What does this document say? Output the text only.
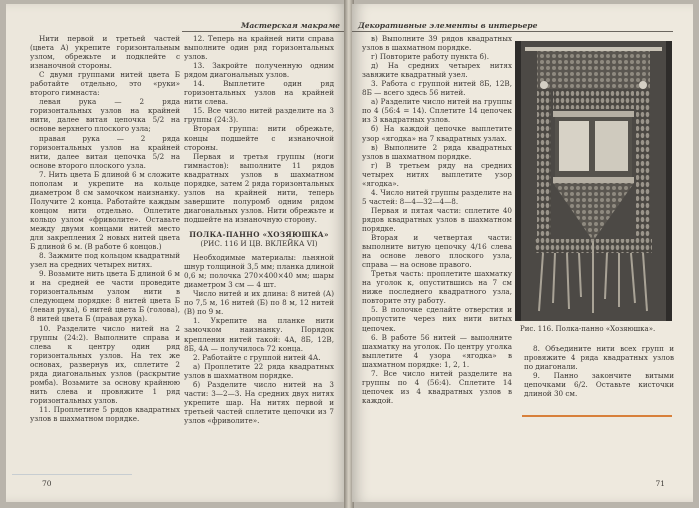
Мастерская макраме

Нити первой и третьей частей (цвета А) укрепите горизонтальным узлом, обрежьте и подклейте с изнаночной стороны.

С двумя группами нитей цвета Б работайте отдельно, это «руки» второго гимнаста:

левая рука — 2 ряда горизонтальных узлов на крайней нити, далее витая цепочка 5/2 на основе верхнего плоского узла;

правая рука — 2 ряда горизонтальных узлов на крайней нити, далее витая цепочка 5/2 на основе второго плоского узла.

7. Нить цвета Б длиной 6 м сложите пополам и укрепите на кольце диаметром 8 см замочком наизнанку. Получите 2 конца. Работайте каждым концом нити отдельно. Оплетите кольцо узлом «фриволите». Оставьте между двумя концами нитей место для закрепления 2 новых нитей цвета Б длиной 6 м. (В работе 6 концов.)

8. Зажмите под кольцом квадратный узел на средних четырех нитях.

9. Возьмите нить цвета Б длиной 6 м и на средней ее части проведите горизонтальным узлом нити в следующем порядке: 8 нитей цвета Б (левая рука), 6 нитей цвета Б (голова), 8 нитей цвета Б (правая рука).

10. Разделите число нитей на 2 группы (24:2). Выполните справа и слева к центру один ряд горизонтальных узлов. На тех же основах, развернув их, сплетите 2 ряда диагональных узлов (раскрытие ромба). Возьмите за основу крайнюю нить слева и провяжите 1 ряд горизонтальных узлов.

11. Проплетите 5 рядов квадратных узлов в шахматном порядке.

12. Теперь на крайней нити справа выполните один ряд горизонтальных узлов.

13. Закройте полученную одним рядом диагональных узлов.

14. Выплетите один ряд горизонтальных узлов на крайней нити слева.

15. Все число нитей разделите на 3 группы (24:3).

Вторая группа: нити обрежьте, концы подшейте с изнаночной стороны.

Первая и третья группы (ноги гимнастов): выполните 11 рядов квадратных узлов в шахматном порядке, затем 2 ряда горизонтальных узлов на крайней нити, теперь завершите полуромб одним рядом диагональных узлов. Нити обрежьте и подшейте на изнаночную сторону.

ПОЛКА-ПАННО «ХОЗЯЮШКА»

(РИС. 116 И ЦВ. ВКЛЕЙКА VI)

Необходимые материалы: льняной шнур толщиной 3,5 мм; планка длиной 0,6 м; полочка 270×400×40 мм; шары диаметром 3 см — 4 шт.

Число нитей и их длина: 8 нитей (А) по 7,5 м, 16 нитей (Б) по 8 м, 12 нитей (В) по 9 м.

1. Укрепите на планке нити замочком наизнанку. Порядок крепления нитей такой: 4А, 8Б, 12В, 8Б, 4А — получилось 72 конца.

2. Работайте с группой нитей 4А.

а) Проплетите 22 ряда квадратных узлов в шахматном порядке.

б) Разделите число нитей на 3 части: 3—2—3. На средних двух нитях укрепите шар. На нитях первой и третьей частей сплетите цепочки из 7 узлов «фриволите».

70
Декоративные элементы в интерьере

в) Выполните 39 рядов квадратных узлов в шахматном порядке.

г) Повторите работу пункта б).

д) Нa средних четырех нитях завяжите квадратный узел.

3. Работа с группой нитей 8Б, 12В, 8Б — всего здесь 56 нитей.

а) Разделите число нитей на группы по 4 (56:4 = 14). Сплетите 14 цепочек из 3 квадратных узлов.

б) На каждой цепочке выплетите узор «ягодка» на 7 квадратных узлах.

в) Выполните 2 ряда квадратных узлов в шахматном порядке.

г) В третьем ряду на средних четырех нитях выплетите узор «ягодка».

4. Число нитей группы разделите на 5 частей: 8—4—32—4—8.

Первая и пятая части: сплетите 40 рядов квадратных узлов в шахматном порядке.

Вторая и четвертая части: выполните витую цепочку 4/16 слева на основе левого плоского узла, справа — на основе правого.

Третья часть: проплетите шахматку на уголок к, опуститвшись на 7 см ниже последнего квадратного узла, повторите эту работу.

5. В полочке сделайте отверстия и пропустите через них нити витых цепочек.

6. В работе 56 нитей — выполните шахматку на уголок. По центру уголка выплетите 4 узора «ягодка» в шахматном порядке: 1, 2, 1.

7. Все число нитей разделите на группы по 4 (56:4). Сплетите 14 цепочек из 4 квадратных узлов в каждой.

Рис. 116. Полка-панно «Хозяюшка».

8. Объедините нити всех групп и провяжите 4 ряда квадратных узлов по диагонали.

9. Панно закончите витыми цепочками 6/2. Оставьте кисточки длиной 30 см.

71
